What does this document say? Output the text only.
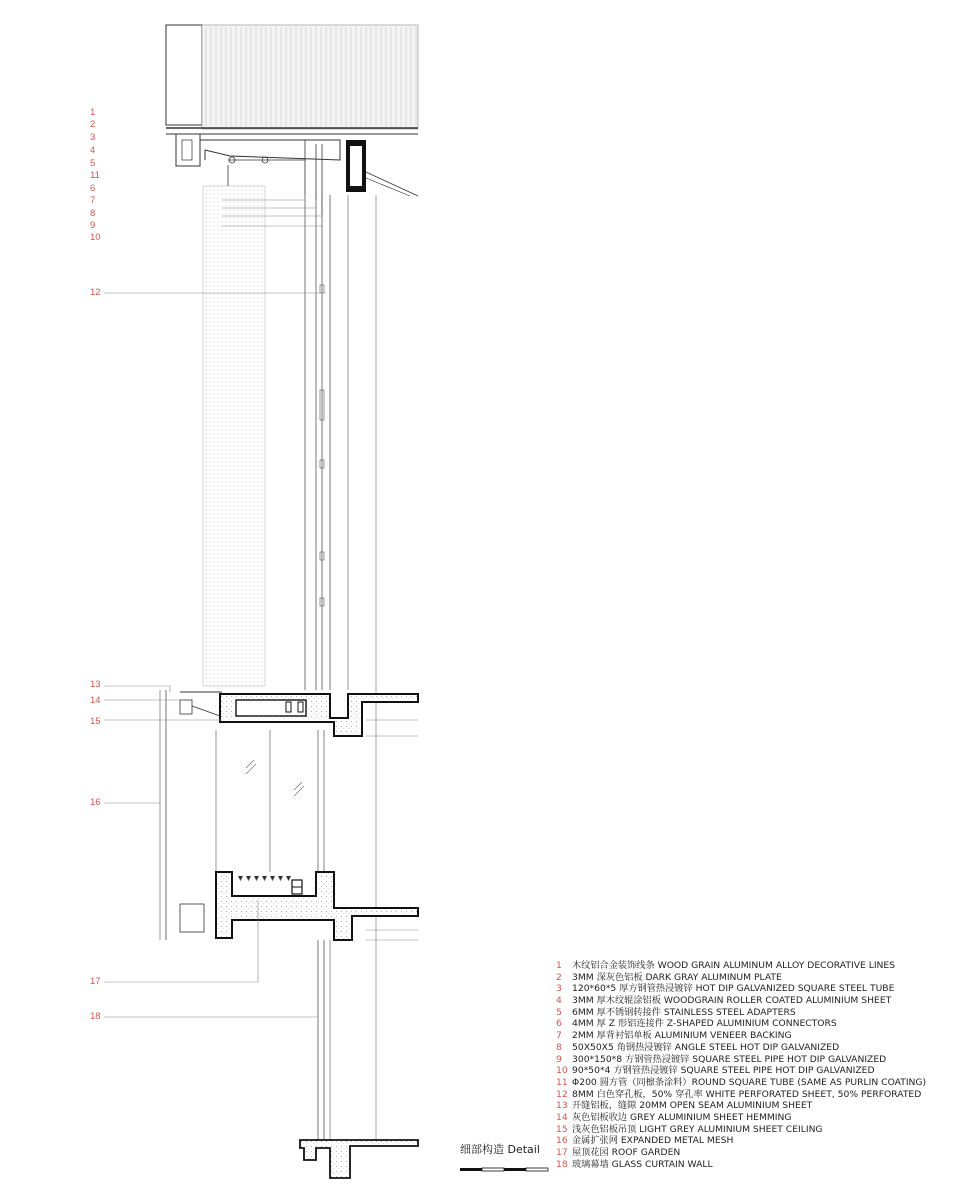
1
2
3
4
5
11
6
7
8
9
10
12
13
14
15
16
17
18
1 木纹铝合金装饰线条 WOOD GRAIN ALUMINUM ALLOY DECORATIVE LINES
2 3MM 深灰色铝板 DARK GRAY ALUMINUM PLATE
3 120*60*5 厚方钢管热浸镀锌 HOT DIP GALVANIZED SQUARE STEEL TUBE
4 3MM 厚木纹辊涂铝板 WOODGRAIN ROLLER COATED ALUMINIUM SHEET
5 6MM 厚不锈钢转接件 STAINLESS STEEL ADAPTERS
6 4MM 厚 Z 形铝连接件 Z-SHAPED ALUMINIUM CONNECTORS
7 2MM 厚背衬铝单板 ALUMINIUM VENEER BACKING
8 50X50X5 角钢热浸镀锌 ANGLE STEEL HOT DIP GALVANIZED
9 300*150*8 方钢管热浸镀锌 SQUARE STEEL PIPE HOT DIP GALVANIZED
10 90*50*4 方钢管热浸镀锌 SQUARE STEEL PIPE HOT DIP GALVANIZED
11 Φ200 圆方管（同檩条涂料）ROUND SQUARE TUBE (SAME AS PURLIN COATING)
12 8MM 白色穿孔板，50% 穿孔率 WHITE PERFORATED SHEET, 50% PERFORATED
13 开缝铝板，缝隙 20MM OPEN SEAM ALUMINIUM SHEET
14 灰色铝板收边 GREY ALUMINIUM SHEET HEMMING
15 浅灰色铝板吊顶 LIGHT GREY ALUMINIUM SHEET CEILING
16 金属扩张网 EXPANDED METAL MESH
17 屋顶花园 ROOF GARDEN
18 玻璃幕墙 GLASS CURTAIN WALL
细部构造 Detail
